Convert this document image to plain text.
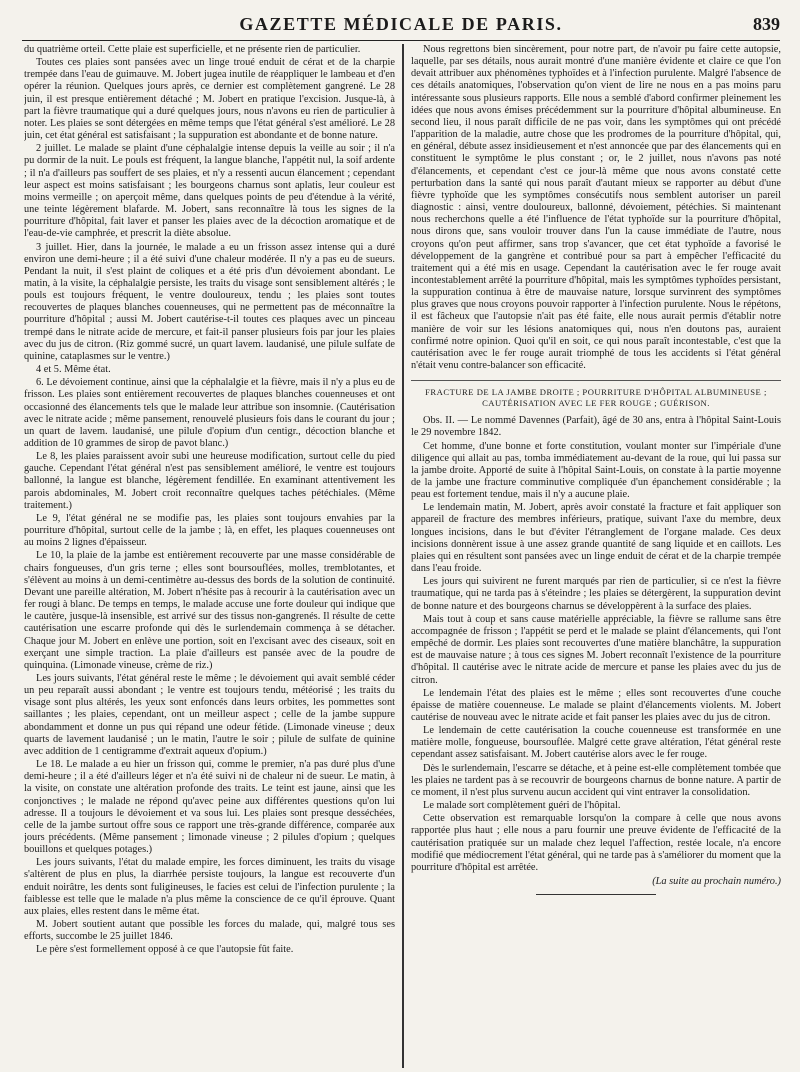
GAZETTE MÉDICALE DE PARIS.	839

du quatrième orteil. Cette plaie est superficielle, et ne présente rien de particulier.

Toutes ces plaies sont pansées avec un linge troué enduit de cérat et de la charpie trempée dans l'eau de guimauve. M. Jobert jugea inutile de réappliquer le lambeau et d'en opérer la réunion. Quelques jours après, ce dernier est complètement gangrené. Le 28 juin, il est presque entièrement détaché ; M. Jobert en pratique l'excision. Jusque-là, à part la fièvre traumatique qui a duré quelques jours, nous n'avons eu rien de particulier à noter. Les plaies se sont détergées en même temps que l'état général s'est amélioré. Le 28 juin, cet état général est satisfaisant ; la suppuration est abondante et de bonne nature.

2 juillet. Le malade se plaint d'une céphalalgie intense depuis la veille au soir ; il n'a pu dormir de la nuit. Le pouls est fréquent, la langue blanche, l'appétit nul, la soif ardente ; il n'a d'ailleurs pas souffert de ses plaies, et n'y a ressenti aucun élancement ; cependant leur aspect est moins satisfaisant ; les bourgeons charnus sont aplatis, leur couleur est moins vermeille ; on aperçoit même, dans quelques points de peu d'étendue à la vérité, une teinte légèrement blafarde. M. Jobert, sans reconnaître là tous les signes de la pourriture d'hôpital, fait laver et panser les plaies avec de la décoction aromatique et de l'eau-de-vie camphrée, et prescrit la diète absolue.

3 juillet. Hier, dans la journée, le malade a eu un frisson assez intense qui a duré environ une demi-heure ; il a été suivi d'une chaleur modérée. Il n'y a pas eu de sueurs. Pendant la nuit, il s'est plaint de coliques et a été pris d'un dévoiement abondant. Le matin, à la visite, la céphalalgie persiste, les traits du visage sont sensiblement altérés ; le pouls est toujours fréquent, le ventre douloureux, tendu ; les plaies sont toutes recouvertes de plaques blanches couenneuses, qui ne permettent pas de méconnaître la pourriture d'hôpital ; aussi M. Jobert cautérise-t-il toutes ces plaques avec un pinceau trempé dans le nitrate acide de mercure, et fait-il panser plusieurs fois par jour les plaies avec du jus de citron. (Riz gommé sucré, un quart lavem. laudanisé, une pilule sulfate de quinine, cataplasmes sur le ventre.)

4 et 5. Même état.

6. Le dévoiement continue, ainsi que la céphalalgie et la fièvre, mais il n'y a plus eu de frisson. Les plaies sont entièrement recouvertes de plaques blanches couenneuses et ont occasionné des élancements tels que le malade leur attribue son insomnie. (Cautérisation avec le nitrate acide ; même pansement, renouvelé plusieurs fois dans le courant du jour ; un quart de lavem. laudanisé, une pilule d'opium d'un centigr., décoction blanche et addition de 10 grammes de sirop de pavot blanc.)

Le 8, les plaies paraissent avoir subi une heureuse modification, surtout celle du pied gauche. Cependant l'état général n'est pas sensiblement amélioré, le ventre est toujours ballonné, la langue est blanche, légèrement fendillée. En examinant attentivement les parois abdominales, M. Jobert croit reconnaître quelques taches pétéchiales. (Même traitement.)

Le 9, l'état général ne se modifie pas, les plaies sont toujours envahies par la pourriture d'hôpital, surtout celle de la jambe ; là, en effet, les plaques couenneuses ont au moins 2 lignes d'épaisseur.

Le 10, la plaie de la jambe est entièrement recouverte par une masse considérable de chairs fongueuses, d'un gris terne ; elles sont boursouflées, molles, tremblotantes, et s'élèvent au moins à un demi-centimètre au-dessus des bords de la solution de continuité. Devant une pareille altération, M. Jobert n'hésite pas à recourir à la cautérisation avec un fer rougi à blanc. De temps en temps, le malade accuse une forte douleur qui indique que le cautère, jusque-là insensible, est arrivé sur des tissus non-gangrenés. Il résulte de cette cautérisation une escarre profonde qui dès le surlendemain commença à se détacher. Chaque jour M. Jobert en enlève une portion, soit en l'excisant avec des ciseaux, soit en exerçant une simple traction. La plaie d'ailleurs est pansée avec de la poudre de quinquina. (Limonade vineuse, crème de riz.)

Les jours suivants, l'état général reste le même ; le dévoiement qui avait semblé céder un peu reparaît aussi abondant ; le ventre est toujours tendu, météorisé ; les traits du visage sont plus altérés, les yeux sont enfoncés dans leurs orbites, les pommettes sont saillantes ; les plaies, cependant, ont un meilleur aspect ; celle de la jambe suppure abondamment et donne un pus qui répand une odeur fétide. (Limonade vineuse ; deux quarts de lavement laudanisé ; un le matin, l'autre le soir ; pilule de sulfate de quinine avec addition de 1 centigramme d'extrait aqueux d'opium.)

Le 18. Le malade a eu hier un frisson qui, comme le premier, n'a pas duré plus d'une demi-heure ; il a été d'ailleurs léger et n'a été suivi ni de chaleur ni de sueur. Le matin, à la visite, on constate une altération profonde des traits. Le teint est jaune, ainsi que les conjonctives ; le malade ne répond qu'avec peine aux différentes questions qu'on lui adresse. Il a toujours le dévoiement et va sous lui. Les plaies sont presque desséchées, celle de la jambe surtout offre sous ce rapport une très-grande différence, comparée aux jours précédents. (Même pansement ; limonade vineuse ; 2 pilules d'opium ; quelques bouillons et quelques potages.)

Les jours suivants, l'état du malade empire, les forces diminuent, les traits du visage s'altèrent de plus en plus, la diarrhée persiste toujours, la langue est recouverte d'un enduit noirâtre, les dents sont fuligineuses, le facies est celui de l'infection purulente ; la faiblesse est telle que le malade n'a plus même la conscience de ce qu'il éprouve. Quant aux plaies, elles restent dans le même état.

M. Jobert soutient autant que possible les forces du malade, qui, malgré tous ses efforts, succombe le 25 juillet 1846.

Le père s'est formellement opposé à ce que l'autopsie fût faite.

Nous regrettons bien sincèrement, pour notre part, de n'avoir pu faire cette autopsie, laquelle, par ses détails, nous aurait montré d'une manière évidente et claire ce que l'on devait attribuer aux phénomènes typhoïdes et à l'infection purulente. Malgré l'absence de ces détails anatomiques, l'observation qu'on vient de lire ne nous en a pas moins paru intéressante sous plusieurs rapports. Elle nous a semblé d'abord confirmer pleinement les idées que nous avons émises précédemment sur la pourriture d'hôpital albumineuse. En second lieu, il nous paraît difficile de ne pas voir, dans les symptômes qui ont précédé l'apparition de la maladie, autre chose que les prodromes de la pourriture d'hôpital, qui, en général, débute assez insidieusement et n'est annoncée que par des élancements qui en constituent le symptôme le plus constant ; or, le 2 juillet, nous n'avons pas noté d'élancements, et cependant c'est ce jour-là même que nous avons constaté cette perturbation dans la santé qui nous paraît d'autant mieux se rapporter au début d'une fièvre typhoïde que les symptômes consécutifs nous semblent autoriser un pareil diagnostic : ainsi, ventre douloureux, ballonné, dévoiement, pétéchies. Si maintenant nous recherchons quelle a été l'influence de l'état typhoïde sur la pourriture d'hôpital, nous dirons que, sans vouloir trouver dans l'un la cause immédiate de l'autre, nous croyons qu'on peut affirmer, sans trop s'avancer, que cet état typhoïde a favorisé le développement de la gangrène et contribué pour sa part à empêcher l'efficacité du traitement qui a été mis en usage. Cependant la cautérisation avec le fer rouge avait incontestablement arrêté la pourriture d'hôpital, mais les symptômes typhoïdes persistant, la suppuration continua à être de mauvaise nature, lorsque survinrent des symptômes plus graves que nous croyons pouvoir rapporter à l'infection purulente. Nous le répétons, il est fâcheux que l'autopsie n'ait pas été faite, elle nous aurait permis d'établir notre manière de voir sur les lésions anatomiques qui, nous n'en doutons pas, auraient confirmé notre opinion. Quoi qu'il en soit, ce qui nous paraît incontestable, c'est que la cautérisation avec le fer rouge aurait triomphé de tous les accidents si l'état général n'était venu contre-balancer son efficacité.

FRACTURE DE LA JAMBE DROITE ; POURRITURE D'HÔPITAL ALBUMINEUSE ; CAUTÉRISATION AVEC LE FER ROUGE ; GUÉRISON.

Obs. II. — Le nommé Davennes (Parfait), âgé de 30 ans, entra à l'hôpital Saint-Louis le 29 novembre 1842.

Cet homme, d'une bonne et forte constitution, voulant monter sur l'impériale d'une diligence qui allait au pas, tomba immédiatement au-devant de la roue, qui lui passa sur la jambe droite. Apporté de suite à l'hôpital Saint-Louis, on constate à la partie moyenne de la jambe une fracture comminutive compliquée d'un épanchement considérable ; la peau est fortement tendue, mais il n'y a aucune plaie.

Le lendemain matin, M. Jobert, après avoir constaté la fracture et fait appliquer son appareil de fracture des membres inférieurs, pratique, suivant l'axe du membre, deux longues incisions, dans le but d'éviter l'étranglement de l'organe malade. Ces deux incisions donnèrent issue à une assez grande quantité de sang liquide et en caillots. Les plaies qui en résultent sont pansées avec un linge enduit de cérat et de la charpie trempée dans l'eau froide.

Les jours qui suivirent ne furent marqués par rien de particulier, si ce n'est la fièvre traumatique, qui ne tarda pas à s'éteindre ; les plaies se détergèrent, la suppuration devint de bonne nature et des bourgeons charnus se développèrent à la surface des plaies.

Mais tout à coup et sans cause matérielle appréciable, la fièvre se rallume sans être accompagnée de frisson ; l'appétit se perd et le malade se plaint d'élancements, qui l'ont empêché de dormir. Les plaies sont recouvertes d'une matière blanchâtre, la suppuration est de mauvaise nature ; à tous ces signes M. Jobert reconnaît l'existence de la pourriture d'hôpital. Il cautérise avec le nitrate acide de mercure et panse les plaies avec du jus de citron.

Le lendemain l'état des plaies est le même ; elles sont recouvertes d'une couche épaisse de matière couenneuse. Le malade se plaint d'élancements violents. M. Jobert cautérise de nouveau avec le nitrate acide et fait panser les plaies avec du jus de citron.

Le lendemain de cette cautérisation la couche couenneuse est transformée en une matière molle, fongueuse, boursouflée. Malgré cette grave altération, l'état général reste cependant assez satisfaisant. M. Jobert cautérise alors avec le fer rouge.

Dès le surlendemain, l'escarre se détache, et à peine est-elle complètement tombée que les plaies ne tardent pas à se recouvrir de bourgeons charnus de bonne nature. A partir de ce moment, il n'est plus survenu aucun accident qui vint entraver la consolidation.

Le malade sort complètement guéri de l'hôpital.

Cette observation est remarquable lorsqu'on la compare à celle que nous avons rapportée plus haut ; elle nous a paru fournir une preuve évidente de l'efficacité de la cautérisation pratiquée sur un malade chez lequel l'affection, restée locale, n'a encore modifié que médiocrement l'état général, qui ne tarde pas à s'améliorer du moment que la pourriture d'hôpital est arrêtée.

(La suite au prochain numéro.)
